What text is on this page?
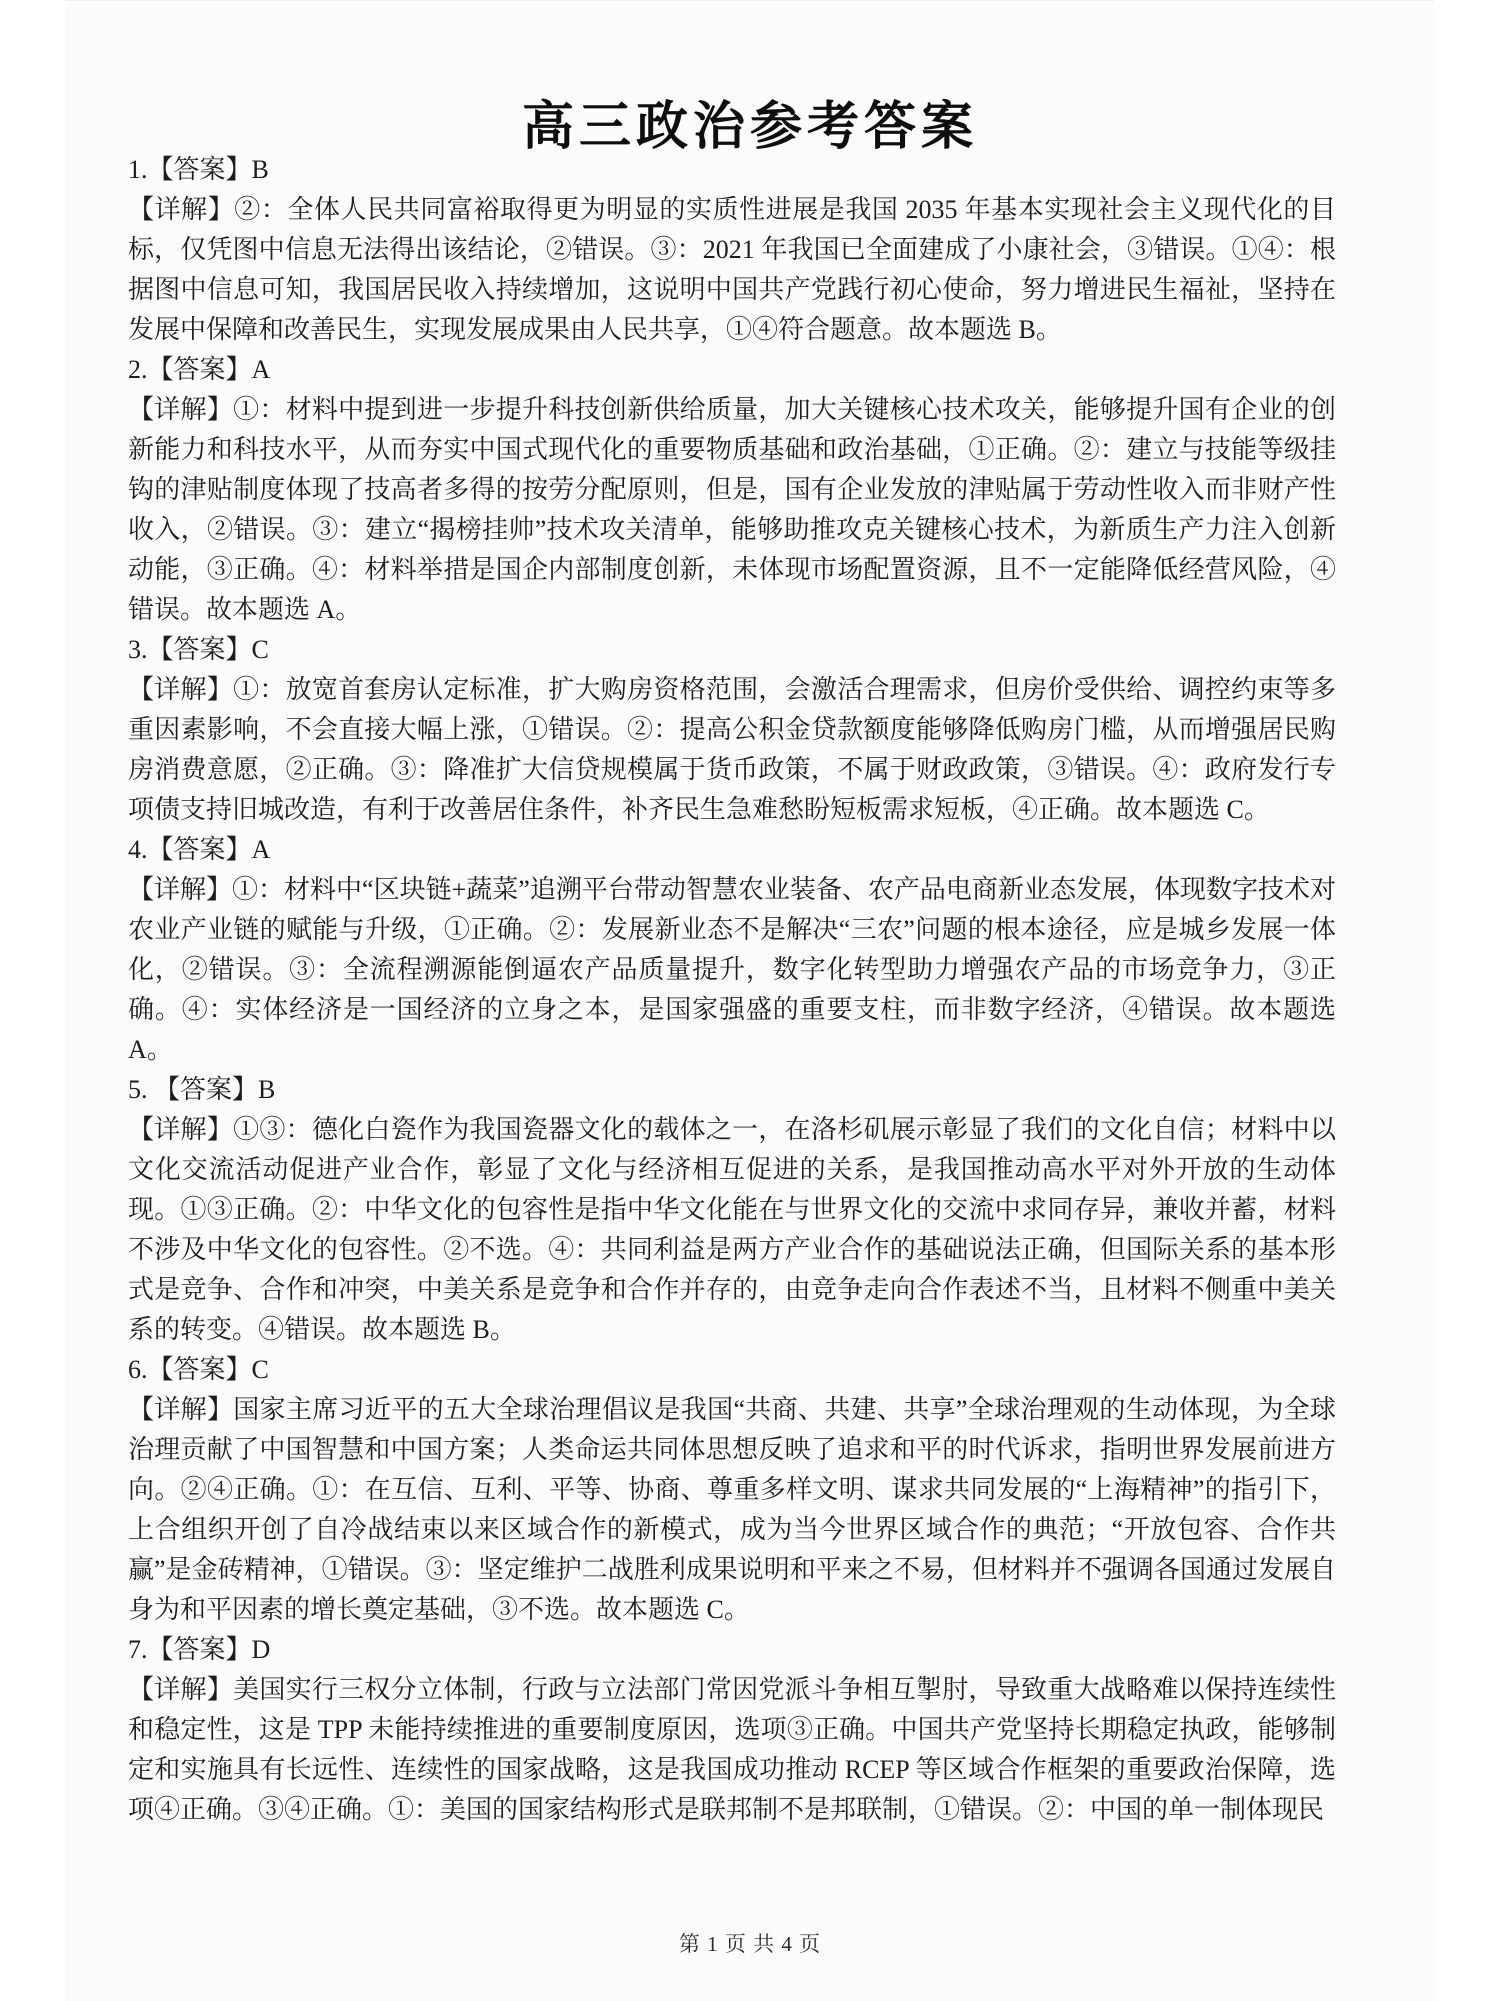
高三政治参考答案

1.【答案】B

【详解】②：全体人民共同富裕取得更为明显的实质性进展是我国 2035 年基本实现社会主义现代化的目标，仅凭图中信息无法得出该结论，②错误。③：2021 年我国已全面建成了小康社会，③错误。①④：根据图中信息可知，我国居民收入持续增加，这说明中国共产党践行初心使命，努力增进民生福祉，坚持在发展中保障和改善民生，实现发展成果由人民共享，①④符合题意。故本题选 B。

2.【答案】A

【详解】①：材料中提到进一步提升科技创新供给质量，加大关键核心技术攻关，能够提升国有企业的创新能力和科技水平，从而夯实中国式现代化的重要物质基础和政治基础，①正确。②：建立与技能等级挂钩的津贴制度体现了技高者多得的按劳分配原则，但是，国有企业发放的津贴属于劳动性收入而非财产性收入，②错误。③：建立“揭榜挂帅”技术攻关清单，能够助推攻克关键核心技术，为新质生产力注入创新动能，③正确。④：材料举措是国企内部制度创新，未体现市场配置资源，且不一定能降低经营风险，④错误。故本题选 A。

3.【答案】C

【详解】①：放宽首套房认定标准，扩大购房资格范围，会激活合理需求，但房价受供给、调控约束等多重因素影响，不会直接大幅上涨，①错误。②：提高公积金贷款额度能够降低购房门槛，从而增强居民购房消费意愿，②正确。③：降准扩大信贷规模属于货币政策，不属于财政政策，③错误。④：政府发行专项债支持旧城改造，有利于改善居住条件，补齐民生急难愁盼短板需求短板，④正确。故本题选 C。

4.【答案】A

【详解】①：材料中“区块链+蔬菜”追溯平台带动智慧农业装备、农产品电商新业态发展，体现数字技术对农业产业链的赋能与升级，①正确。②：发展新业态不是解决“三农”问题的根本途径，应是城乡发展一体化，②错误。③：全流程溯源能倒逼农产品质量提升，数字化转型助力增强农产品的市场竞争力，③正确。④：实体经济是一国经济的立身之本，是国家强盛的重要支柱，而非数字经济，④错误。故本题选 A。

5. 【答案】B

【详解】①③：德化白瓷作为我国瓷器文化的载体之一，在洛杉矶展示彰显了我们的文化自信；材料中以文化交流活动促进产业合作，彰显了文化与经济相互促进的关系，是我国推动高水平对外开放的生动体现。①③正确。②：中华文化的包容性是指中华文化能在与世界文化的交流中求同存异，兼收并蓄，材料不涉及中华文化的包容性。②不选。④：共同利益是两方产业合作的基础说法正确，但国际关系的基本形式是竞争、合作和冲突，中美关系是竞争和合作并存的，由竞争走向合作表述不当，且材料不侧重中美关系的转变。④错误。故本题选 B。

6.【答案】C

【详解】国家主席习近平的五大全球治理倡议是我国“共商、共建、共享”全球治理观的生动体现，为全球治理贡献了中国智慧和中国方案；人类命运共同体思想反映了追求和平的时代诉求，指明世界发展前进方向。②④正确。①：在互信、互利、平等、协商、尊重多样文明、谋求共同发展的“上海精神”的指引下，上合组织开创了自冷战结束以来区域合作的新模式，成为当今世界区域合作的典范；“开放包容、合作共赢”是金砖精神，①错误。③：坚定维护二战胜利成果说明和平来之不易，但材料并不强调各国通过发展自身为和平因素的增长奠定基础，③不选。故本题选 C。

7.【答案】D

【详解】美国实行三权分立体制，行政与立法部门常因党派斗争相互掣肘，导致重大战略难以保持连续性和稳定性，这是 TPP 未能持续推进的重要制度原因，选项③正确。中国共产党坚持长期稳定执政，能够制定和实施具有长远性、连续性的国家战略，这是我国成功推动 RCEP 等区域合作框架的重要政治保障，选项④正确。③④正确。①：美国的国家结构形式是联邦制不是邦联制，①错误。②：中国的单一制体现民

第 1 页 共 4 页
